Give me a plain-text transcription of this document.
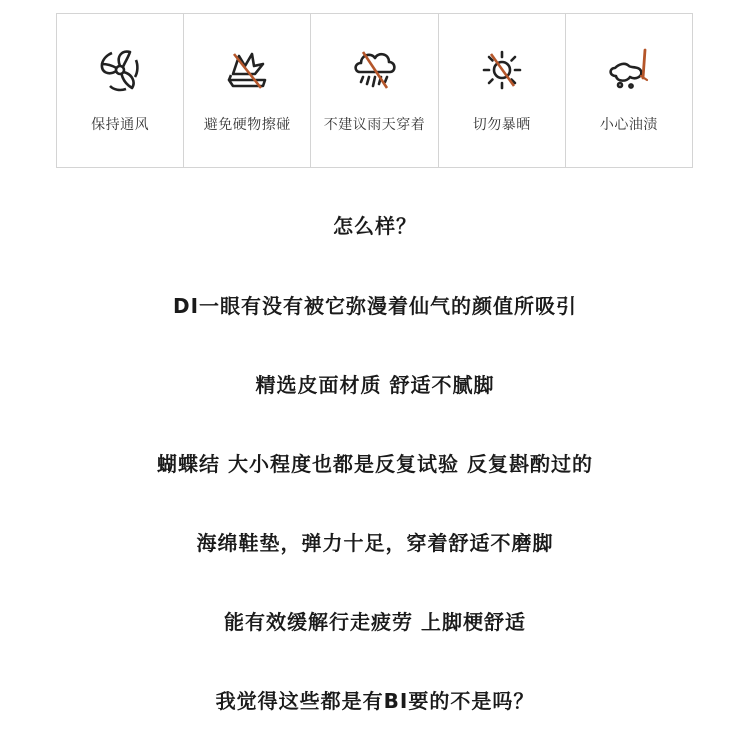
保持通风	避免硬物擦碰	不建议雨天穿着	切勿暴晒	小心油渍
怎么样？
DI一眼有没有被它弥漫着仙气的颜值所吸引
精选皮面材质 舒适不腻脚
蝴蝶结 大小程度也都是反复试验 反复斟酌过的
海绵鞋垫，弹力十足，穿着舒适不磨脚
能有效缓解行走疲劳 上脚梗舒适
我觉得这些都是有BI要的不是吗？
